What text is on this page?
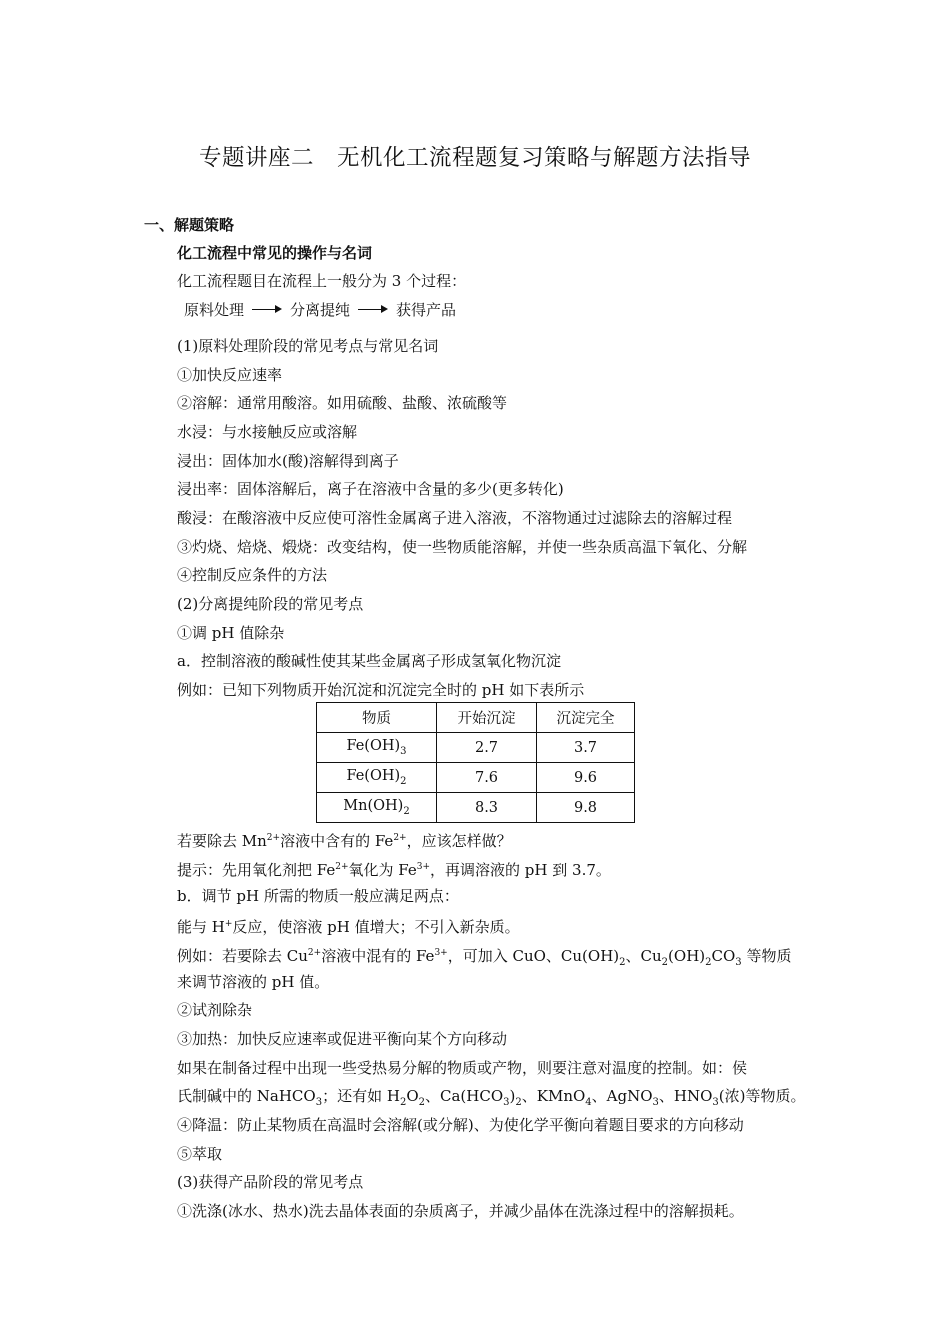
专题讲座二　无机化工流程题复习策略与解题方法指导
一、解题策略
化工流程中常见的操作与名词
化工流程题目在流程上一般分为 3 个过程：
原料处理	分离提纯	获得产品
(1)原料处理阶段的常见考点与常见名词
①加快反应速率
②溶解：通常用酸溶。如用硫酸、盐酸、浓硫酸等
水浸：与水接触反应或溶解
浸出：固体加水(酸)溶解得到离子
浸出率：固体溶解后，离子在溶液中含量的多少(更多转化)
酸浸：在酸溶液中反应使可溶性金属离子进入溶液，不溶物通过过滤除去的溶解过程
③灼烧、焙烧、煅烧：改变结构，使一些物质能溶解，并使一些杂质高温下氧化、分解
④控制反应条件的方法
(2)分离提纯阶段的常见考点
①调 pH 值除杂
a．控制溶液的酸碱性使其某些金属离子形成氢氧化物沉淀
例如：已知下列物质开始沉淀和沉淀完全时的 pH 如下表所示
物质	开始沉淀	沉淀完全
$Fe(OH)_3$	2.7	3.7
$Fe(OH)_2$	7.6	9.6
$Mn(OH)_2$	8.3	9.8
若要除去 $Mn^{2+}$溶液中含有的 $Fe^{2+}$，应该怎样做？
提示：先用氧化剂把 $Fe^{2+}$氧化为 $Fe^{3+}$，再调溶液的 pH 到 3.7。
b．调节 pH 所需的物质一般应满足两点：
能与 H+反应，使溶液 pH 值增大；不引入新杂质。
例如：若要除去 $Cu^{2+}$溶液中混有的 $Fe^{3+}$，可加入 CuO、$Cu(OH)_2$、$Cu_2(OH)_2CO_3$ 等物质
来调节溶液的 pH 值。
②试剂除杂
③加热：加快反应速率或促进平衡向某个方向移动
如果在制备过程中出现一些受热易分解的物质或产物，则要注意对温度的控制。如：侯
氏制碱中的 NaHCO$_3$；还有如 $H_2O_2$、$Ca(HCO_3)_2$、KMnO$_4$、AgNO$_3$、$HNO_3$(浓)等物质。
④降温：防止某物质在高温时会溶解(或分解)、为使化学平衡向着题目要求的方向移动
⑤萃取
(3)获得产品阶段的常见考点
①洗涤(冰水、热水)洗去晶体表面的杂质离子，并减少晶体在洗涤过程中的溶解损耗。
